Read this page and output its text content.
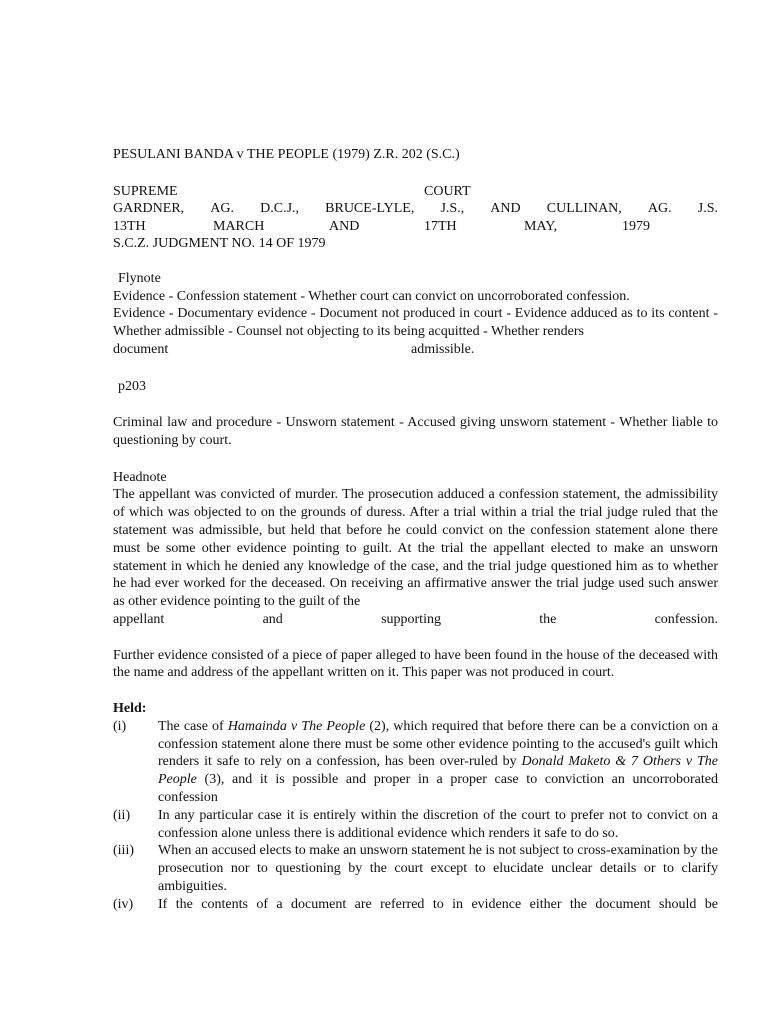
PESULANI BANDA v THE PEOPLE (1979) Z.R. 202 (S.C.)
SUPREME	COURT
GARDNER, AG. D.C.J., BRUCE-LYLE, J.S., AND CULLINAN, AG. J.S.
13TH	MARCH	AND	17TH	MAY,	1979
S.C.Z. JUDGMENT NO. 14 OF 1979
Flynote
Evidence - Confession statement - Whether court can convict on uncorroborated confession.
Evidence - Documentary evidence - Document not produced in court - Evidence adduced as to its content - Whether admissible - Counsel not objecting to its being acquitted - Whether renders
document	admissible.
p203
Criminal law and procedure - Unsworn statement - Accused giving unsworn statement - Whether liable to questioning by court.
Headnote
The appellant was convicted of murder. The prosecution adduced a confession statement, the admissibility of which was objected to on the grounds of duress. After a trial within a trial the trial judge ruled that the statement was admissible, but held that before he could convict on the confession statement alone there must be some other evidence pointing to guilt. At the trial the appellant elected to make an unsworn statement in which he denied any knowledge of the case, and the trial judge questioned him as to whether he had ever worked for the deceased. On receiving an affirmative answer the trial judge used such answer as other evidence pointing to the guilt of the
appellant	and	supporting	the	confession.
Further evidence consisted of a piece of paper alleged to have been found in the house of the deceased with the name and address of the appellant written on it. This paper was not produced in court.
Held:
(i)	The case of Hamainda v The People (2), which required that before there can be a conviction on a confession statement alone there must be some other evidence pointing to the accused's guilt which renders it safe to rely on a confession, has been over-ruled by Donald Maketo & 7 Others v The People (3), and it is possible and proper in a proper case to conviction an uncorroborated confession
(ii)	In any particular case it is entirely within the discretion of the court to prefer not to convict on a confession alone unless there is additional evidence which renders it safe to do so.
(iii)	When an accused elects to make an unsworn statement he is not subject to cross-examination by the prosecution nor to questioning by the court except to elucidate unclear details or to clarify ambiguities.
(iv)	If the contents of a document are referred to in evidence either the document should be
